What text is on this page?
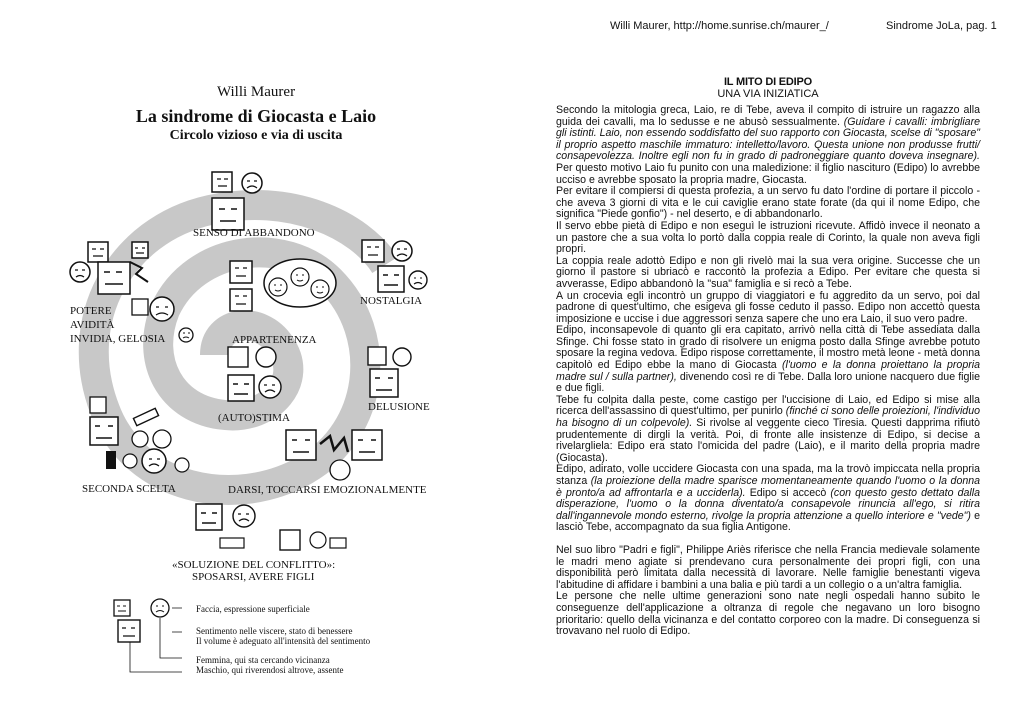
Willi Maurer, http://home.sunrise.ch/maurer_/	Sindrome JoLa, pag. 1
Willi Maurer
La sindrome di Giocasta e Laio
Circolo vizioso e via di uscita
SENSO DI ABBANDONO
NOSTALGIA
POTERE
AVIDITÀ
INVIDIA, GELOSIA	APPARTENENZA
DELUSIONE
(AUTO)STIMA
SECONDA SCELTA	DARSI, TOCCARSI EMOZIONALMENTE
«SOLUZIONE DEL CONFLITTO»:
SPOSARSI, AVERE FIGLI
Faccia, espressione superficiale
Sentimento nelle viscere, stato di benessere
Il volume è adeguato all'intensità del sentimento
Femmina, qui sta cercando vicinanza
Maschio, qui riverendosi altrove, assente
IL MITO DI EDIPO
UNA VIA INIZIATICA

Secondo la mitologia greca, Laio, re di Tebe, aveva il compito di istruire un ragazzo alla guida dei cavalli, ma lo sedusse e ne abusò sessualmente. (Guidare i cavalli: imbrigliare gli istinti. Laio, non essendo soddisfatto del suo rapporto con Giocasta, scelse di "sposare" il proprio aspetto maschile immaturo: intelletto/lavoro. Questa unione non produsse frutti/ consapevolezza. Inoltre egli non fu in grado di padroneggiare quanto doveva insegnare). Per questo motivo Laio fu punito con una maledizione: il figlio nascituro (Edipo) lo avrebbe ucciso e avrebbe sposato la propria madre, Giocasta.

Per evitare il compiersi di questa profezia, a un servo fu dato l'ordine di portare il piccolo - che aveva 3 giorni di vita e le cui caviglie erano state forate (da qui il nome Edipo, che significa "Piede gonfio") - nel deserto, e di abbandonarlo.

Il servo ebbe pietà di Edipo e non eseguì le istruzioni ricevute. Affidò invece il neonato a un pastore che a sua volta lo portò dalla coppia reale di Corinto, la quale non aveva figli propri.

La coppia reale adottò Edipo e non gli rivelò mai la sua vera origine. Successe che un giorno il pastore si ubriacò e raccontò la profezia a Edipo. Per evitare che questa si avverasse, Edipo abbandonò la "sua" famiglia e si recò a Tebe.

A un crocevia egli incontrò un gruppo di viaggiatori e fu aggredito da un servo, poi dal padrone di quest'ultimo, che esigeva gli fosse ceduto il passo. Edipo non accettò questa imposizione e uccise i due aggressori senza sapere che uno era Laio, il suo vero padre.

Edipo, inconsapevole di quanto gli era capitato, arrivò nella città di Tebe assediata dalla Sfinge. Chi fosse stato in grado di risolvere un enigma posto dalla Sfinge avrebbe potuto sposare la regina vedova. Edipo rispose correttamente, il mostro metà leone - metà donna capitolò ed Edipo ebbe la mano di Giocasta (l'uomo e la donna proiettano la propria madre sul / sulla partner), divenendo così re di Tebe. Dalla loro unione nacquero due figlie e due figli.

Tebe fu colpita dalla peste, come castigo per l'uccisione di Laio, ed Edipo si mise alla ricerca dell'assassino di quest'ultimo, per punirlo (finché ci sono delle proiezioni, l'individuo ha bisogno di un colpevole). Si rivolse al veggente cieco Tiresia. Questi dapprima rifiutò prudentemente di dirgli la verità. Poi, di fronte alle insistenze di Edipo, si decise a rivelarglielа: Edipo era stato l'omicida del padre (Laio), e il marito della propria madre (Giocasta).

Edipo, adirato, volle uccidere Giocasta con una spada, ma la trovò impiccata nella propria stanza (la proiezione della madre sparisce momentaneamente quando l'uomo o la donna è pronto/a ad affrontarla e a ucciderla). Edipo si accecò (con questo gesto dettato dalla disperazione, l'uomo o la donna diventato/a consapevole rinuncia all'ego, si ritira dall'ingannevole mondo esterno, rivolge la propria attenzione a quello interiore e "vede") e lasciò Tebe, accompagnato da sua figlia Antigone.

Nel suo libro "Padri e figli", Philippe Ariès riferisce che nella Francia medievale solamente le madri meno agiate si prendevano cura personalmente dei propri figli, con una disponibilità però limitata dalla necessità di lavorare. Nelle famiglie benestanti vigeva l'abitudine di affidare i bambini a una balia e più tardi a un collegio o a un'altra famiglia.

Le persone che nelle ultime generazioni sono nate negli ospedali hanno subito le conseguenze dell'applicazione a oltranza di regole che negavano un loro bisogno prioritario: quello della vicinanza e del contatto corporeo con la madre. Di conseguenza si trovavano nel ruolo di Edipo.
